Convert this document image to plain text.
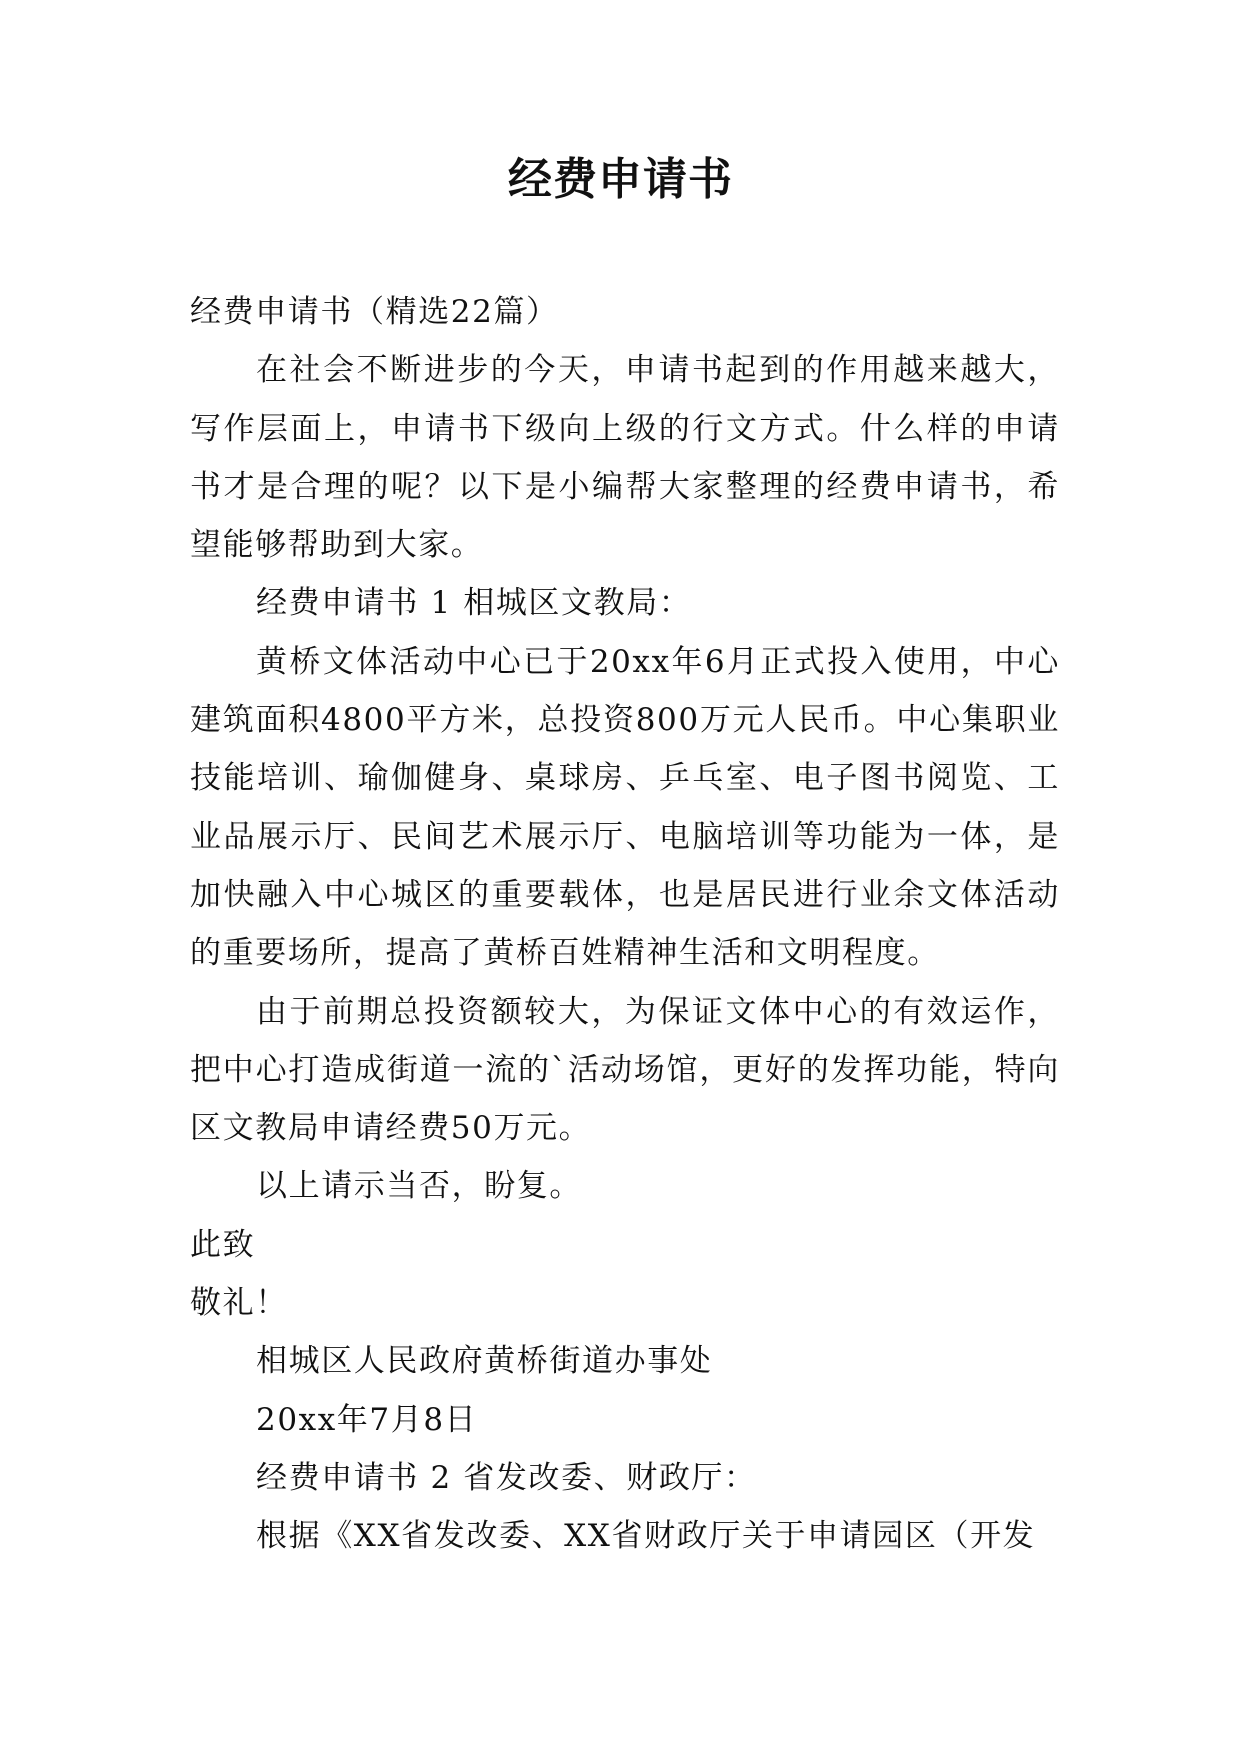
经费申请书

经费申请书（精选22篇）

在社会不断进步的今天，申请书起到的作用越来越大，写作层面上，申请书下级向上级的行文方式。什么样的申请书才是合理的呢？以下是小编帮大家整理的经费申请书，希望能够帮助到大家。

经费申请书 1 相城区文教局：

黄桥文体活动中心已于20xx年6月正式投入使用，中心建筑面积4800平方米，总投资800万元人民币。中心集职业技能培训、瑜伽健身、桌球房、乒乓室、电子图书阅览、工业品展示厅、民间艺术展示厅、电脑培训等功能为一体，是加快融入中心城区的重要载体，也是居民进行业余文体活动的重要场所，提高了黄桥百姓精神生活和文明程度。

由于前期总投资额较大，为保证文体中心的有效运作，把中心打造成街道一流的`活动场馆，更好的发挥功能，特向区文教局申请经费50万元。

以上请示当否，盼复。

此致

敬礼！

相城区人民政府黄桥街道办事处

20xx年7月8日

经费申请书 2 省发改委、财政厅：

根据《XX省发改委、XX省财政厅关于申请园区（开发
